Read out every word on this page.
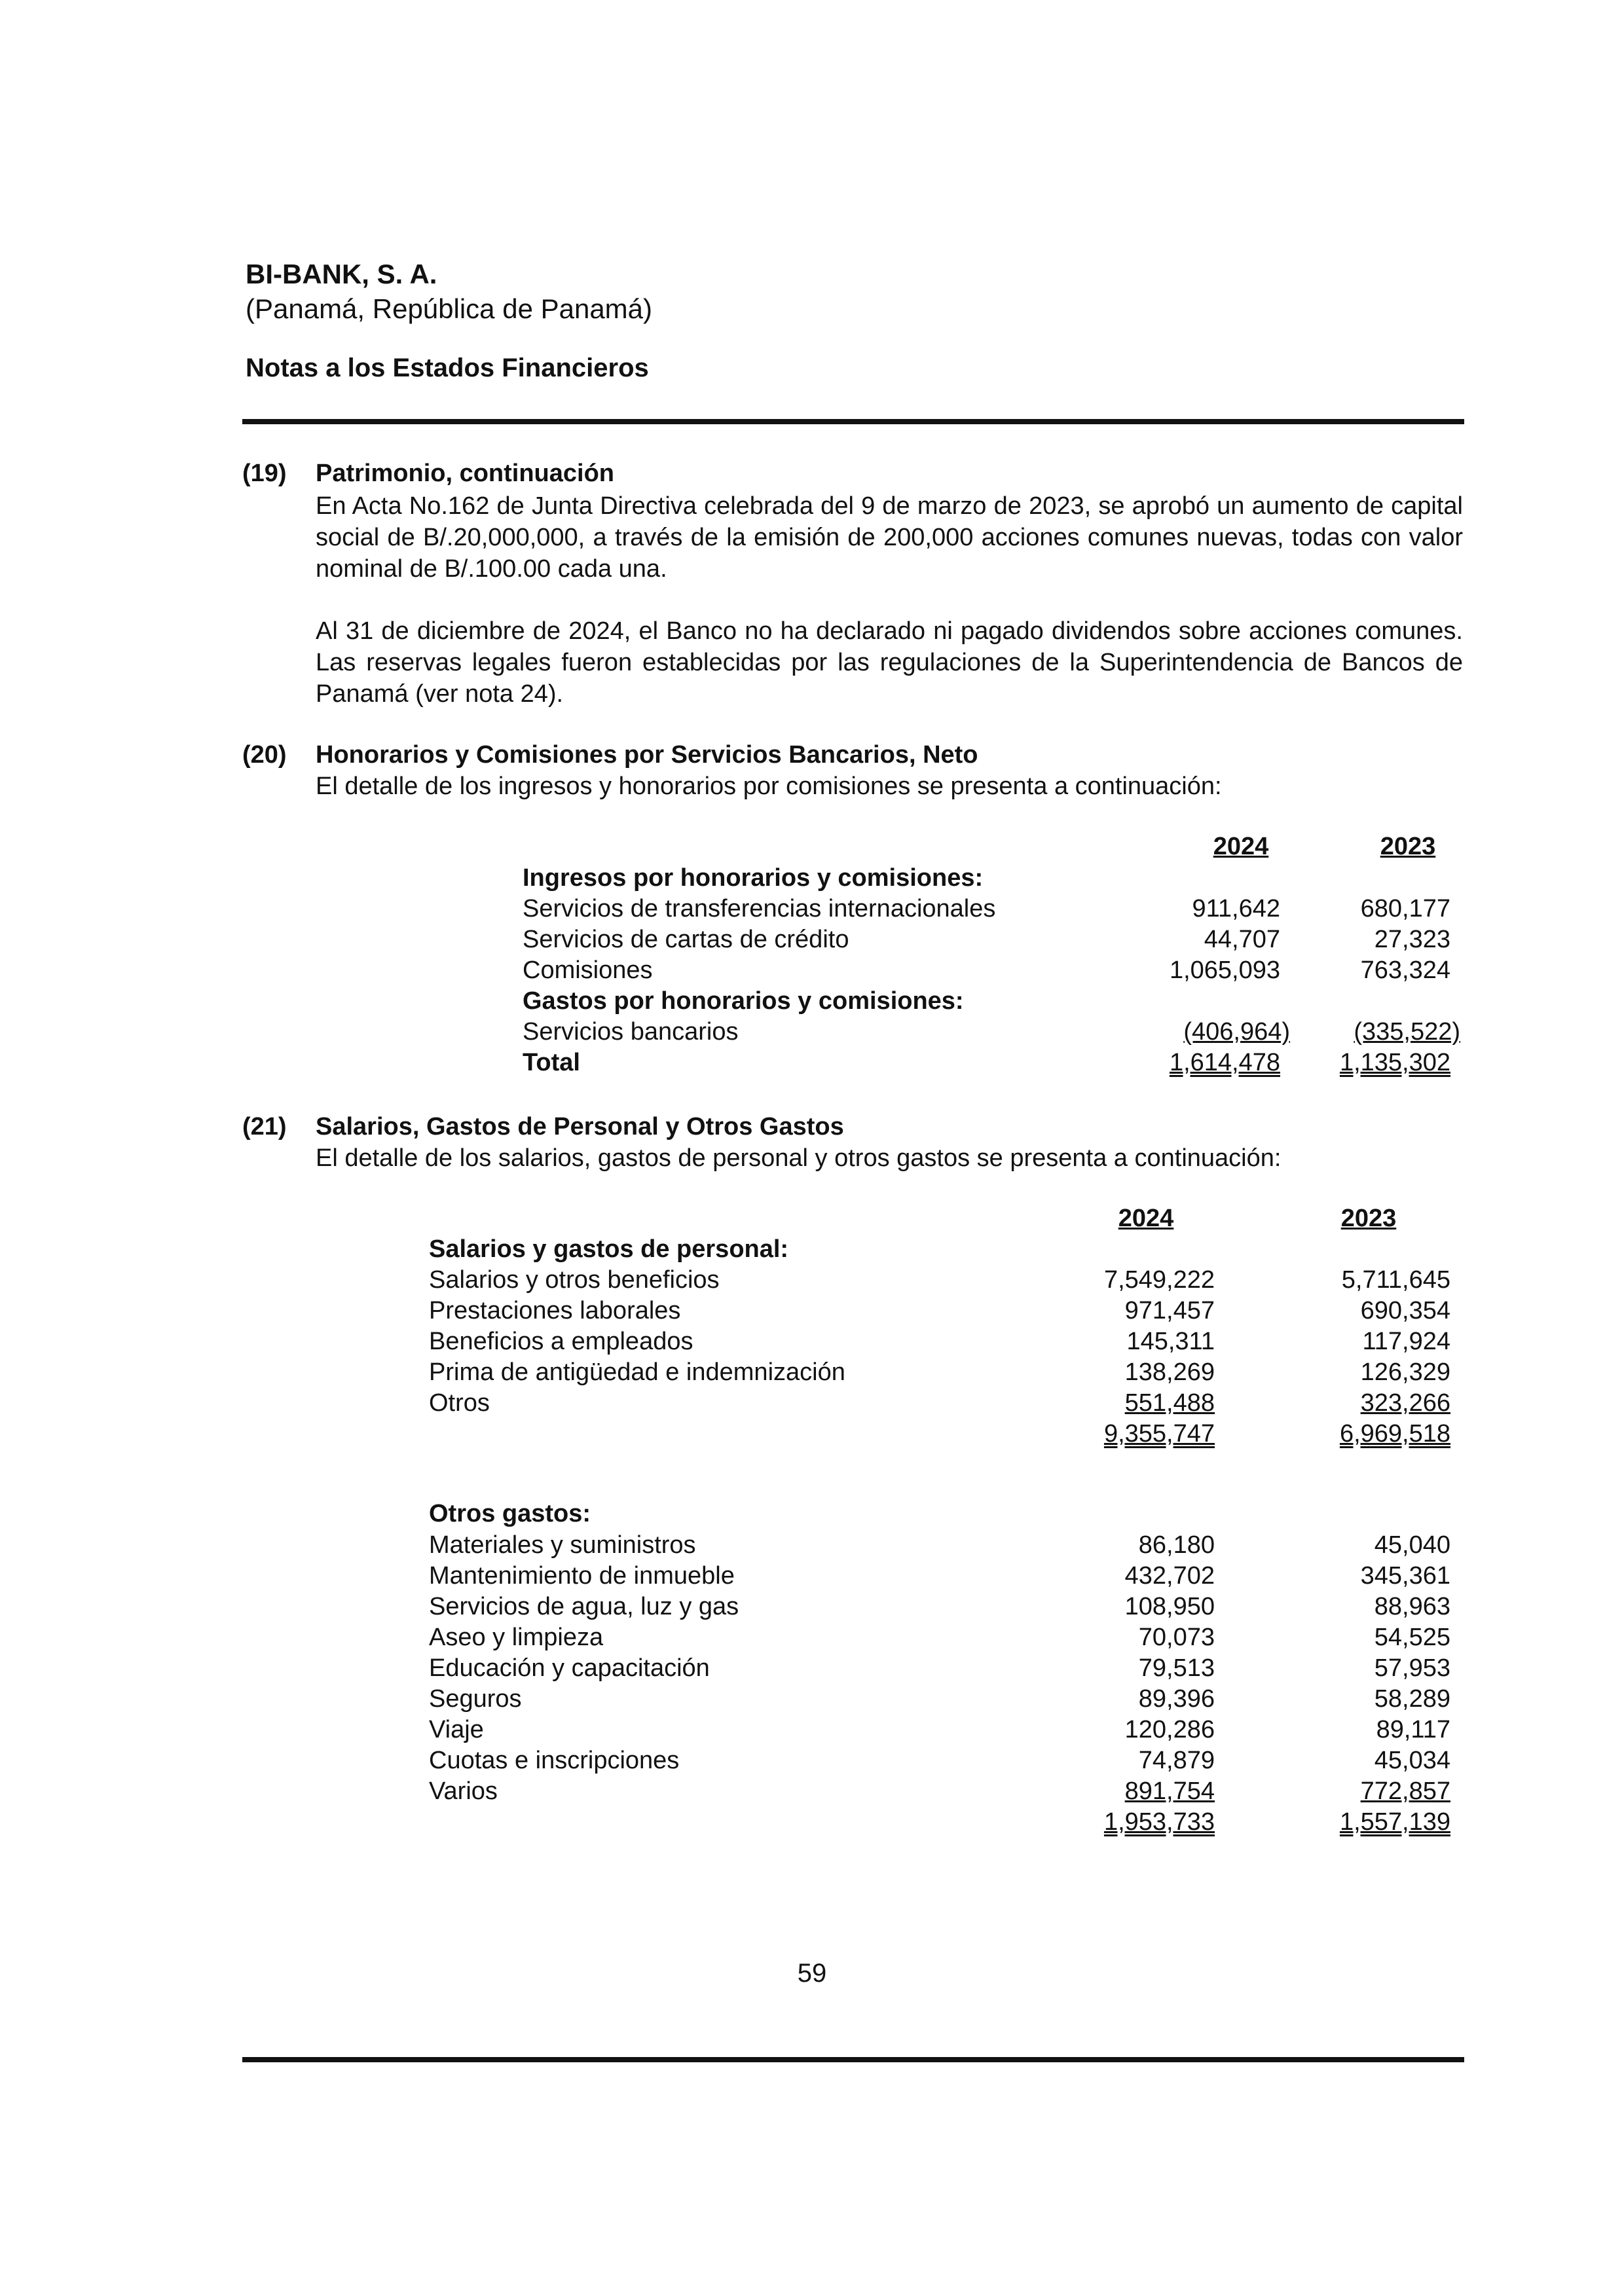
BI-BANK, S. A.
(Panamá, República de Panamá)
Notas a los Estados Financieros
(19) Patrimonio, continuación
En Acta No.162 de Junta Directiva celebrada del 9 de marzo de 2023, se aprobó un aumento de capital social de B/.20,000,000, a través de la emisión de 200,000 acciones comunes nuevas, todas con valor nominal de B/.100.00 cada una.
Al 31 de diciembre de 2024, el Banco no ha declarado ni pagado dividendos sobre acciones comunes. Las reservas legales fueron establecidas por las regulaciones de la Superintendencia de Bancos de Panamá (ver nota 24).
(20) Honorarios y Comisiones por Servicios Bancarios, Neto
El detalle de los ingresos y honorarios por comisiones se presenta a continuación:
2024	2023
Ingresos por honorarios y comisiones:
Servicios de transferencias internacionales	911,642	680,177
Servicios de cartas de crédito	44,707	27,323
Comisiones	1,065,093	763,324
Gastos por honorarios y comisiones:
Servicios bancarios	(406,964)	(335,522)
Total	1,614,478	1,135,302
(21) Salarios, Gastos de Personal y Otros Gastos
El detalle de los salarios, gastos de personal y otros gastos se presenta a continuación:
2024	2023
Salarios y gastos de personal:
Salarios y otros beneficios	7,549,222	5,711,645
Prestaciones laborales	971,457	690,354
Beneficios a empleados	145,311	117,924
Prima de antigüedad e indemnización	138,269	126,329
Otros	551,488	323,266
9,355,747	6,969,518
Otros gastos:
Materiales y suministros	86,180	45,040
Mantenimiento de inmueble	432,702	345,361
Servicios de agua, luz y gas	108,950	88,963
Aseo y limpieza	70,073	54,525
Educación y capacitación	79,513	57,953
Seguros	89,396	58,289
Viaje	120,286	89,117
Cuotas e inscripciones	74,879	45,034
Varios	891,754	772,857
1,953,733	1,557,139
59
